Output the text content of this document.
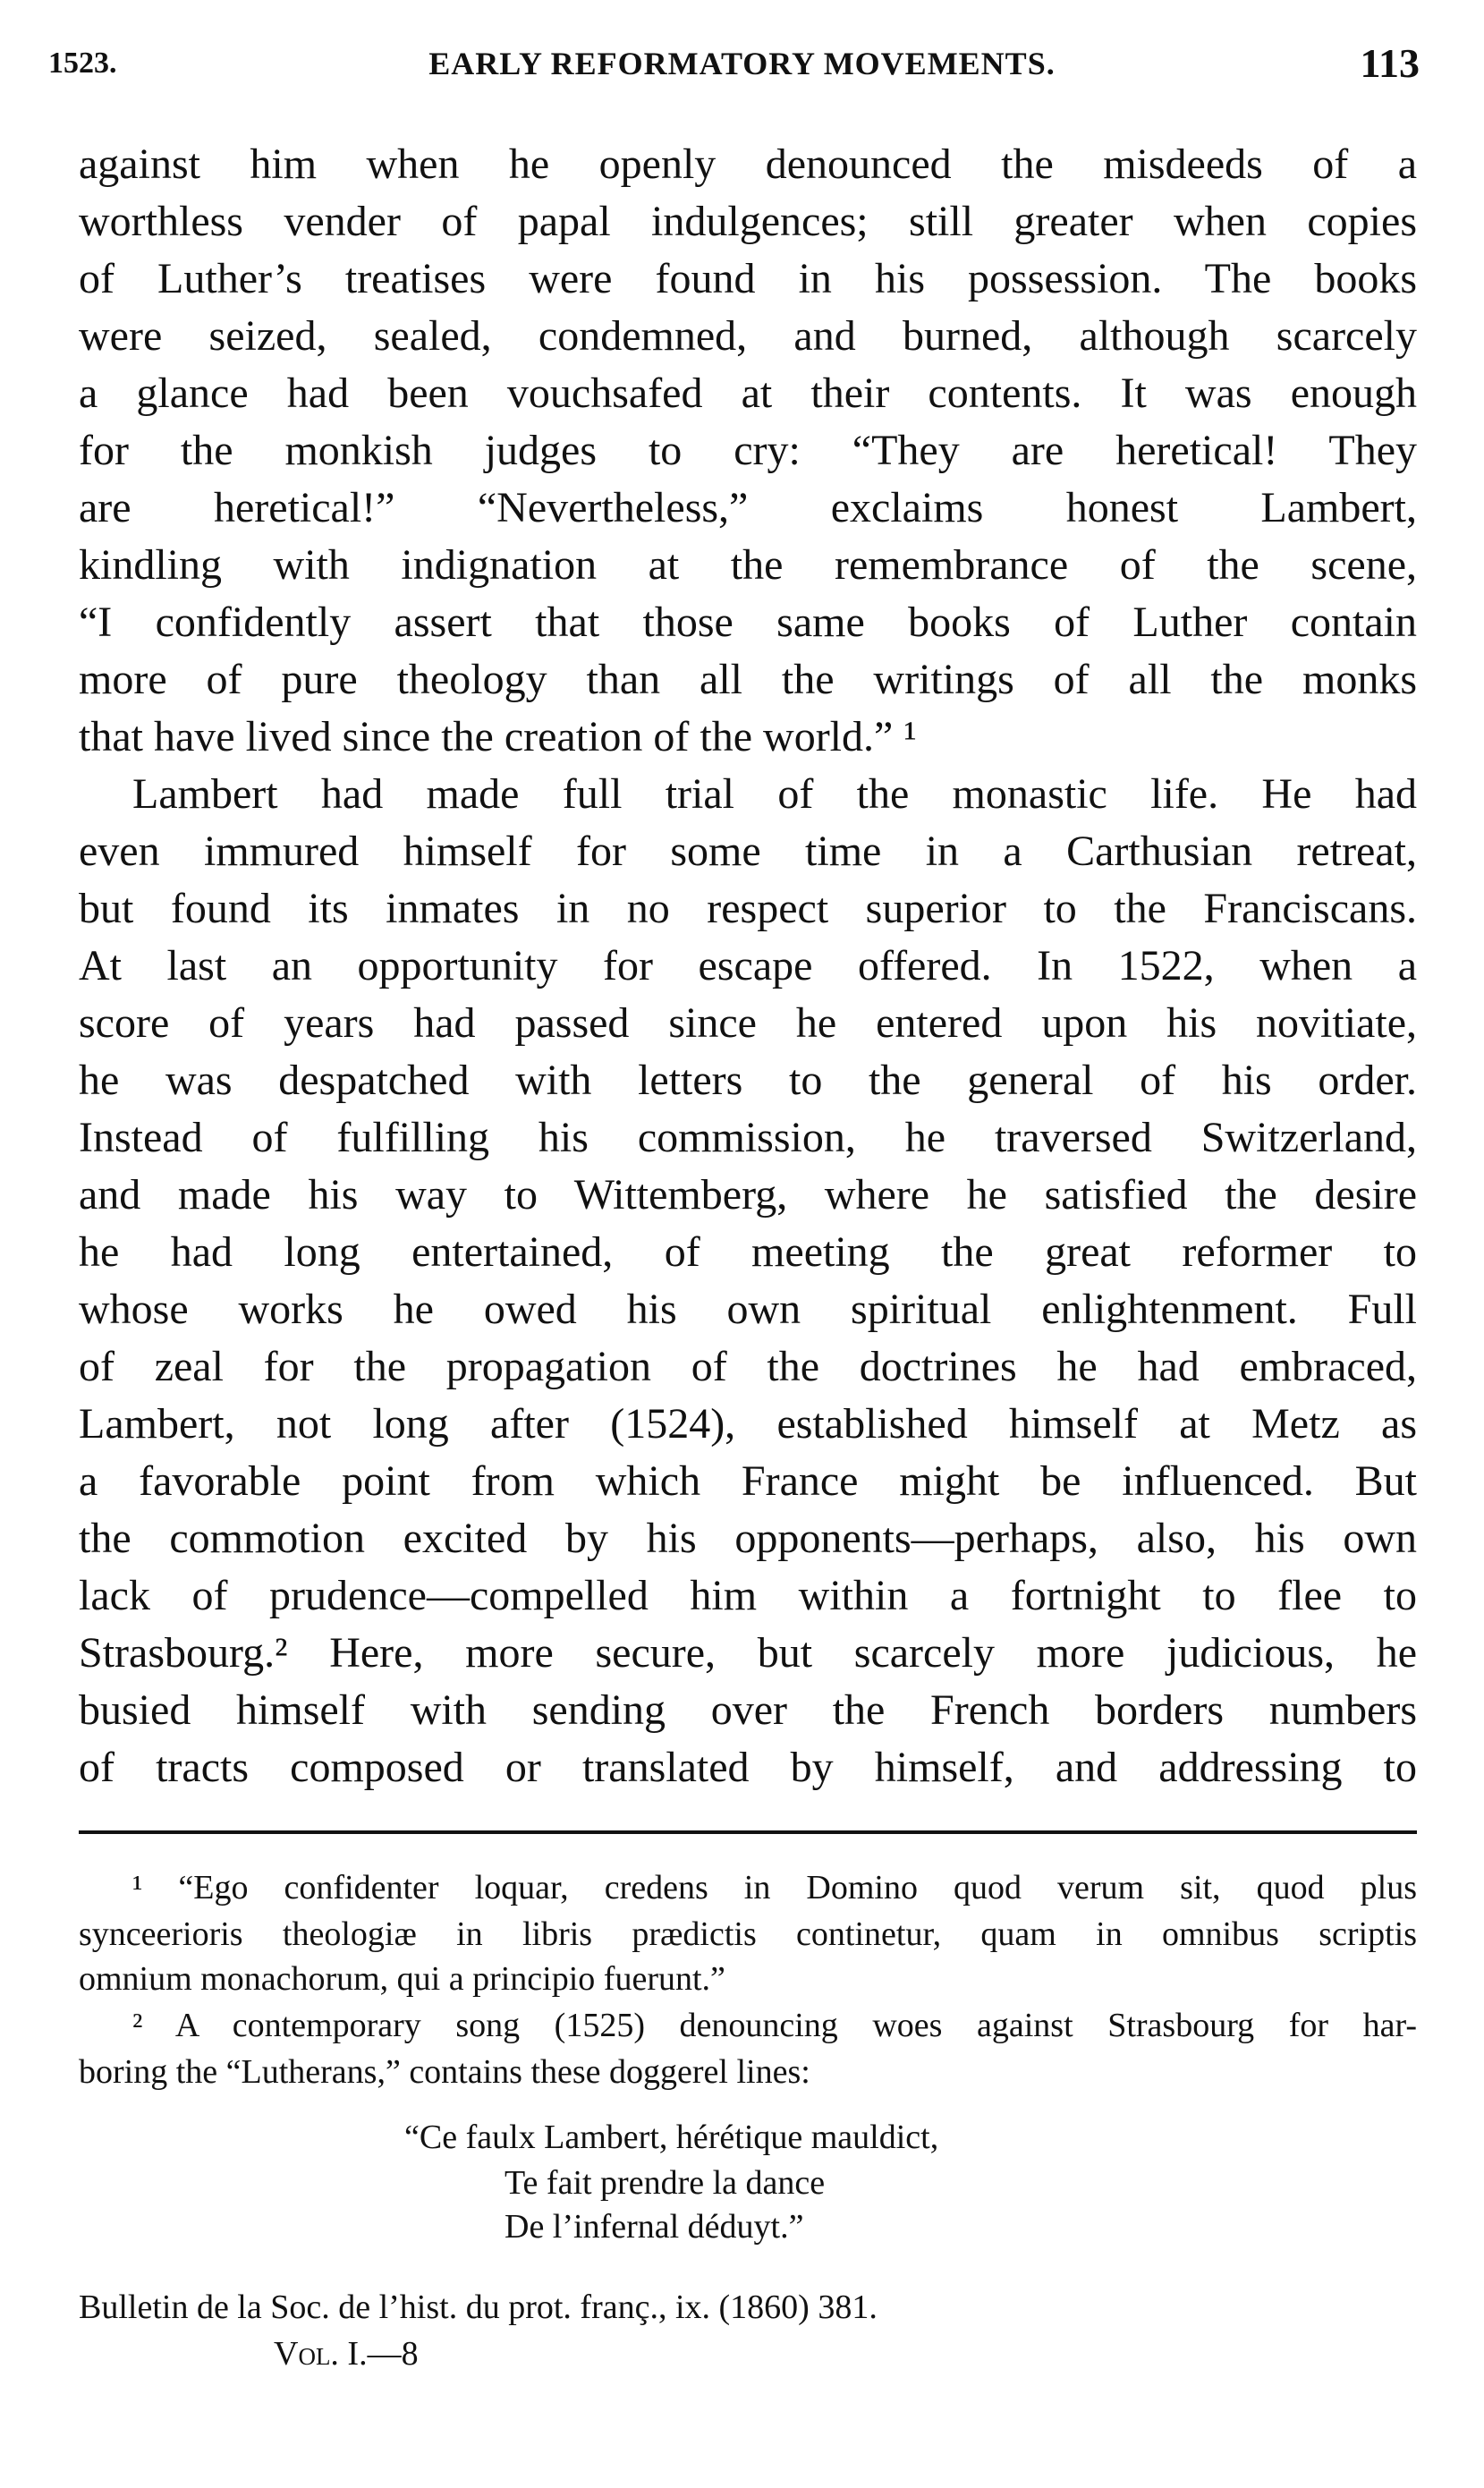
1523.	EARLY REFORMATORY MOVEMENTS.	113
against him when he openly denounced the misdeeds of a
worthless vender of papal indulgences; still greater when copies
of Luther’s treatises were found in his possession. The books
were seized, sealed, condemned, and burned, although scarcely
a glance had been vouchsafed at their contents. It was enough
for the monkish judges to cry: “They are heretical! They
are heretical!” “Nevertheless,” exclaims honest Lambert,
kindling with indignation at the remembrance of the scene,
“I confidently assert that those same books of Luther contain
more of pure theology than all the writings of all the monks
that have lived since the creation of the world.” ¹
Lambert had made full trial of the monastic life. He had
even immured himself for some time in a Carthusian retreat,
but found its inmates in no respect superior to the Franciscans.
At last an opportunity for escape offered. In 1522, when a
score of years had passed since he entered upon his novitiate,
he was despatched with letters to the general of his order.
Instead of fulfilling his commission, he traversed Switzerland,
and made his way to Wittemberg, where he satisfied the desire
he had long entertained, of meeting the great reformer to
whose works he owed his own spiritual enlightenment. Full
of zeal for the propagation of the doctrines he had embraced,
Lambert, not long after (1524), established himself at Metz as
a favorable point from which France might be influenced. But
the commotion excited by his opponents—perhaps, also, his own
lack of prudence—compelled him within a fortnight to flee to
Strasbourg.² Here, more secure, but scarcely more judicious, he
busied himself with sending over the French borders numbers
of tracts composed or translated by himself, and addressing to
¹ “Ego confidenter loquar, credens in Domino quod verum sit, quod plus
synceerioris theologiæ in libris prædictis continetur, quam in omnibus scriptis
omnium monachorum, qui a principio fuerunt.”
² A contemporary song (1525) denouncing woes against Strasbourg for har-
boring the “Lutherans,” contains these doggerel lines:
“Ce faulx Lambert, hérétique mauldict,
Te fait prendre la dance
De l’infernal déduyt.”
Bulletin de la Soc. de l’hist. du prot. franç., ix. (1860) 381.
Vol. I.—8
